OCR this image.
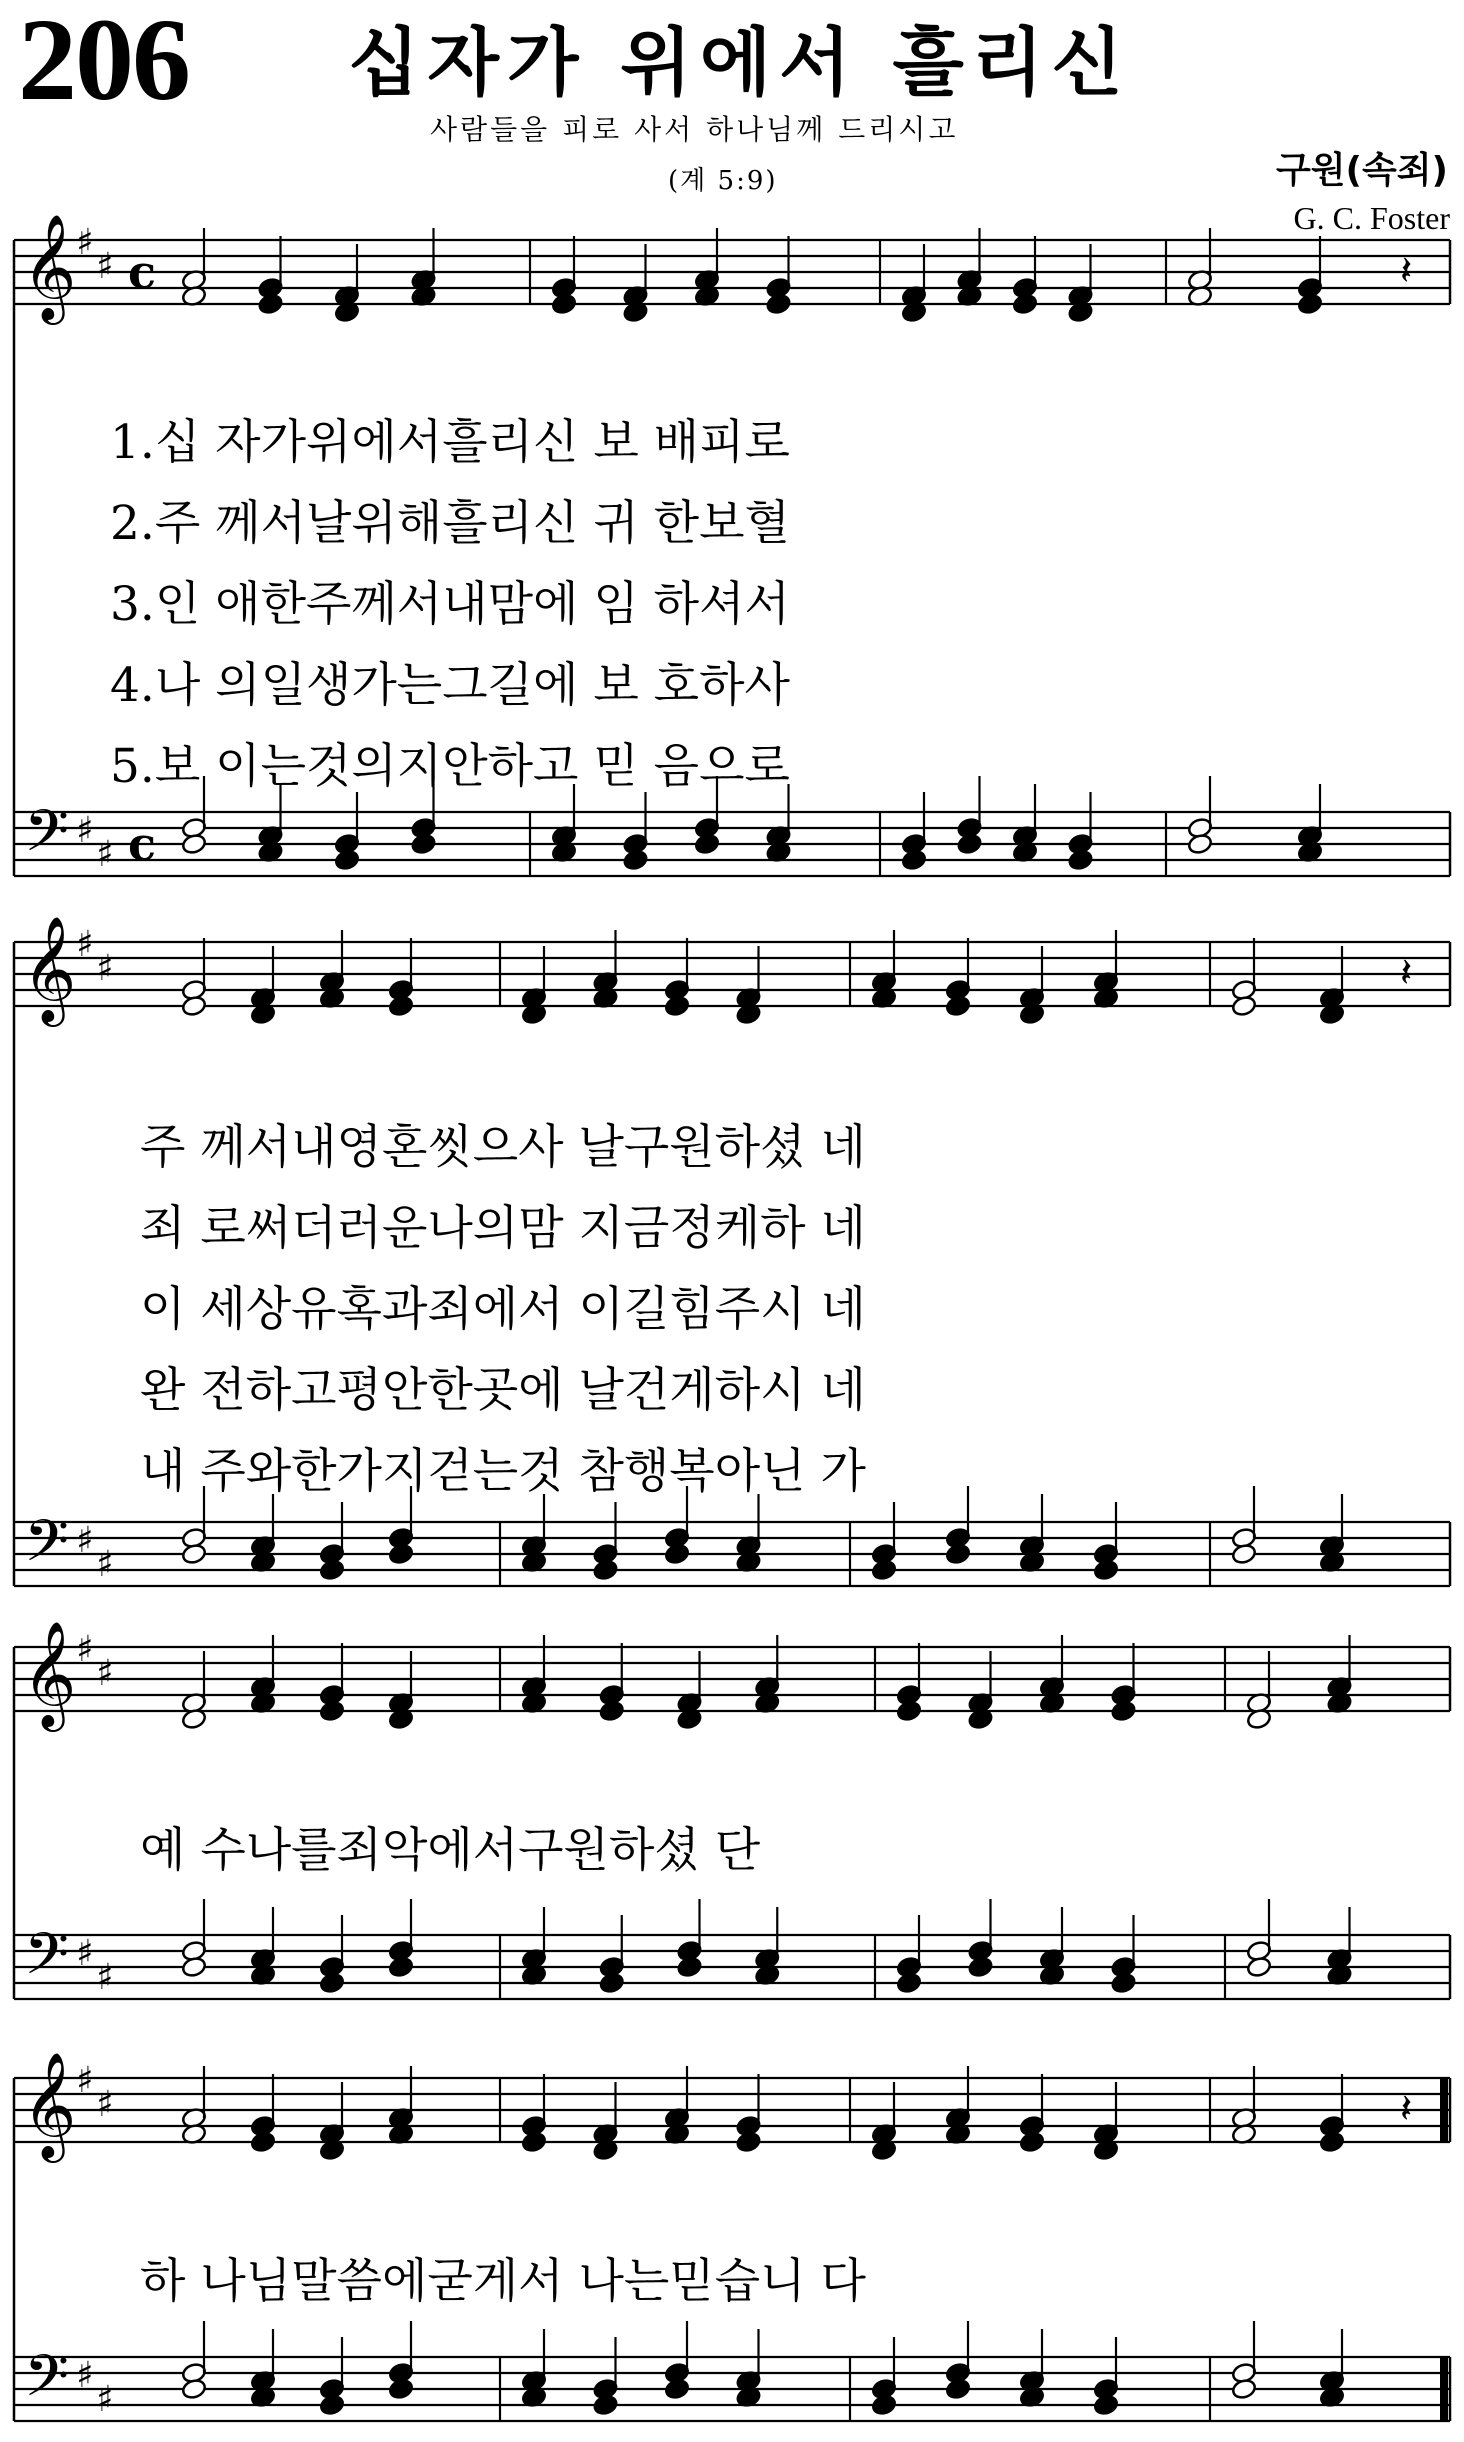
206 십자가 위에서 흘리신
사람들을 피로 사서 하나님께 드리시고
(계 5:9)	구원(속죄)
G. C. Foster
𝄞
𝄢
♯
♯
♯
♯
c
c
𝄽
𝄞
𝄢
♯
♯
♯
♯
𝄽
𝄞
𝄢
♯
♯
♯
♯
𝄞
𝄢
♯
♯
♯
♯
𝄽
1.십 자가위에서흘리신 보 배피로
2.주 께서날위해흘리신 귀 한보혈
3.인 애한주께서내맘에 임 하셔서
4.나 의일생가는그길에 보 호하사
5.보 이는것의지안하고 믿 음으로
주 께서내영혼씻으사 날구원하셨 네
죄 로써더러운나의맘 지금정케하 네
이 세상유혹과죄에서 이길힘주시 네
완 전하고평안한곳에 날건게하시 네
내 주와한가지걷는것 참행복아닌 가
예 수나를죄악에서구원하셨 단
하 나님말씀에굳게서 나는믿습니 다
